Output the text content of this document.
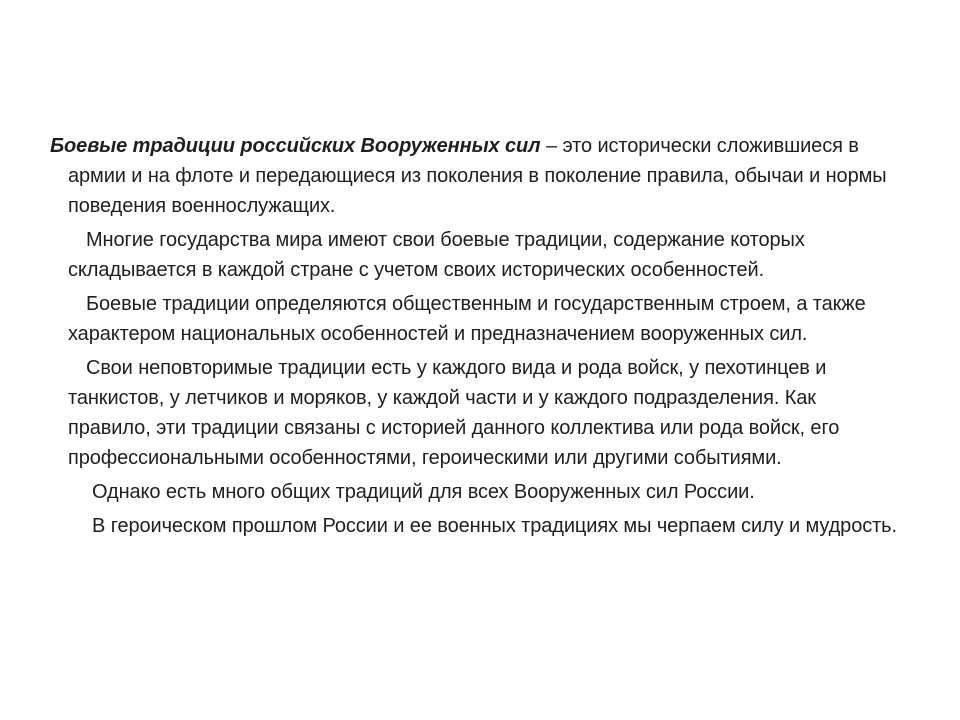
Боевые традиции российских Вооруженных сил – это исторически сложившиеся в армии и на флоте и передающиеся из поколения в поколение правила, обычаи и нормы поведения военнослужащих.

Многие государства мира имеют свои боевые традиции, содержание которых складывается в каждой стране с учетом своих исторических особенностей.

Боевые традиции определяются общественным и государственным строем, а также характером национальных особенностей и предназначением вооруженных сил.

Свои неповторимые традиции есть у каждого вида и рода войск, у пехотинцев и танкистов, у летчиков и моряков, у каждой части и у каждого подразделения. Как правило, эти традиции связаны с историей данного коллектива или рода войск, его профессиональными особенностями, героическими или другими событиями.

Однако есть много общих традиций для всех Вооруженных сил России.

В героическом прошлом России и ее военных традициях мы черпаем силу и мудрость.
